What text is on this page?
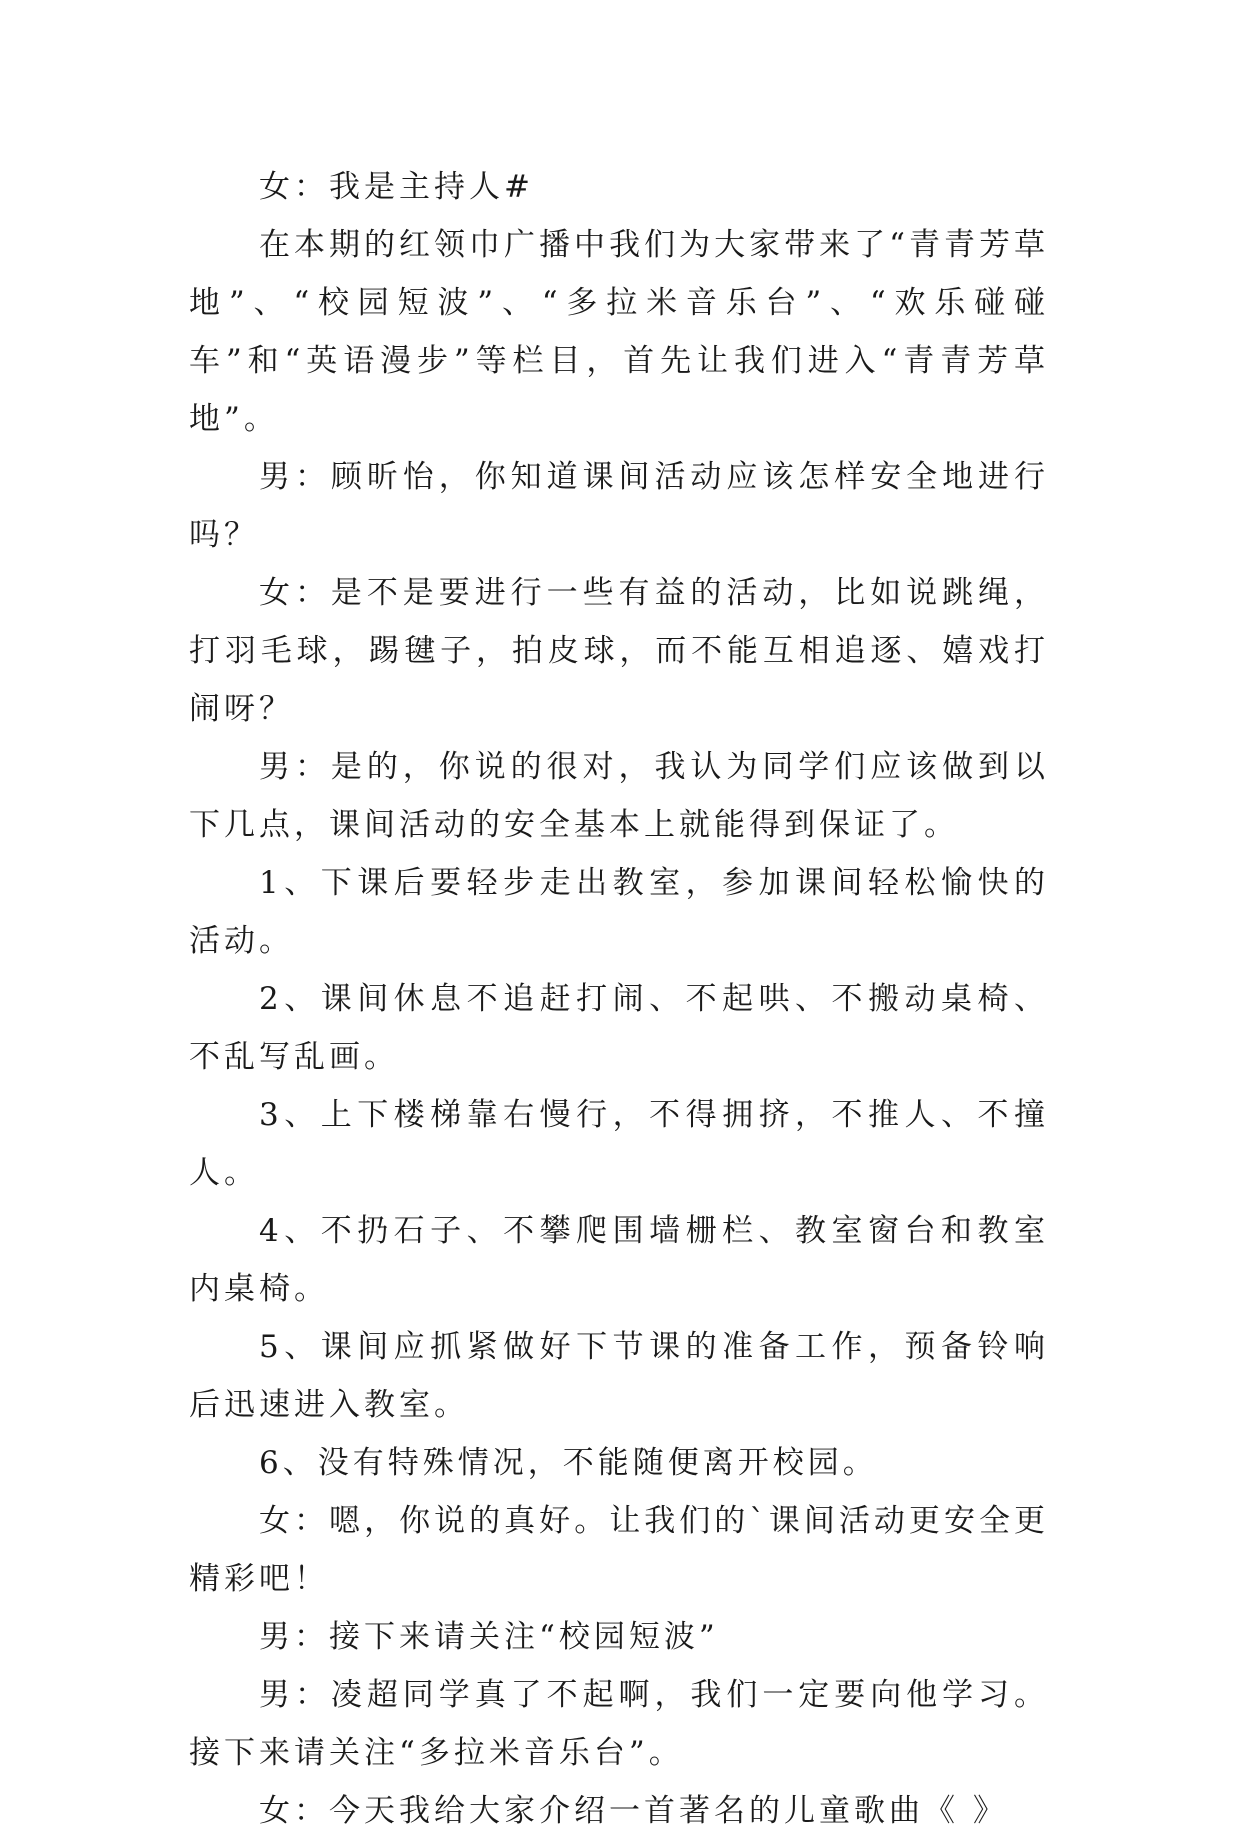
女：我是主持人#

在本期的红领巾广播中我们为大家带来了“青青芳草地”、“校园短波”、“多拉米音乐台”、“欢乐碰碰车”和“英语漫步”等栏目，首先让我们进入“青青芳草地”。

男：顾昕怡，你知道课间活动应该怎样安全地进行吗？

女：是不是要进行一些有益的活动，比如说跳绳，打羽毛球，踢毽子，拍皮球，而不能互相追逐、嬉戏打闹呀？

男：是的，你说的很对，我认为同学们应该做到以下几点，课间活动的安全基本上就能得到保证了。

1、下课后要轻步走出教室，参加课间轻松愉快的活动。

2、课间休息不追赶打闹、不起哄、不搬动桌椅、不乱写乱画。

3、上下楼梯靠右慢行，不得拥挤，不推人、不撞人。

4、不扔石子、不攀爬围墙栅栏、教室窗台和教室内桌椅。

5、课间应抓紧做好下节课的准备工作，预备铃响后迅速进入教室。

6、没有特殊情况，不能随便离开校园。

女：嗯，你说的真好。让我们的`课间活动更安全更精彩吧！

男：接下来请关注“校园短波”

男：凌超同学真了不起啊，我们一定要向他学习。接下来请关注“多拉米音乐台”。

女：今天我给大家介绍一首著名的儿童歌曲《 》
